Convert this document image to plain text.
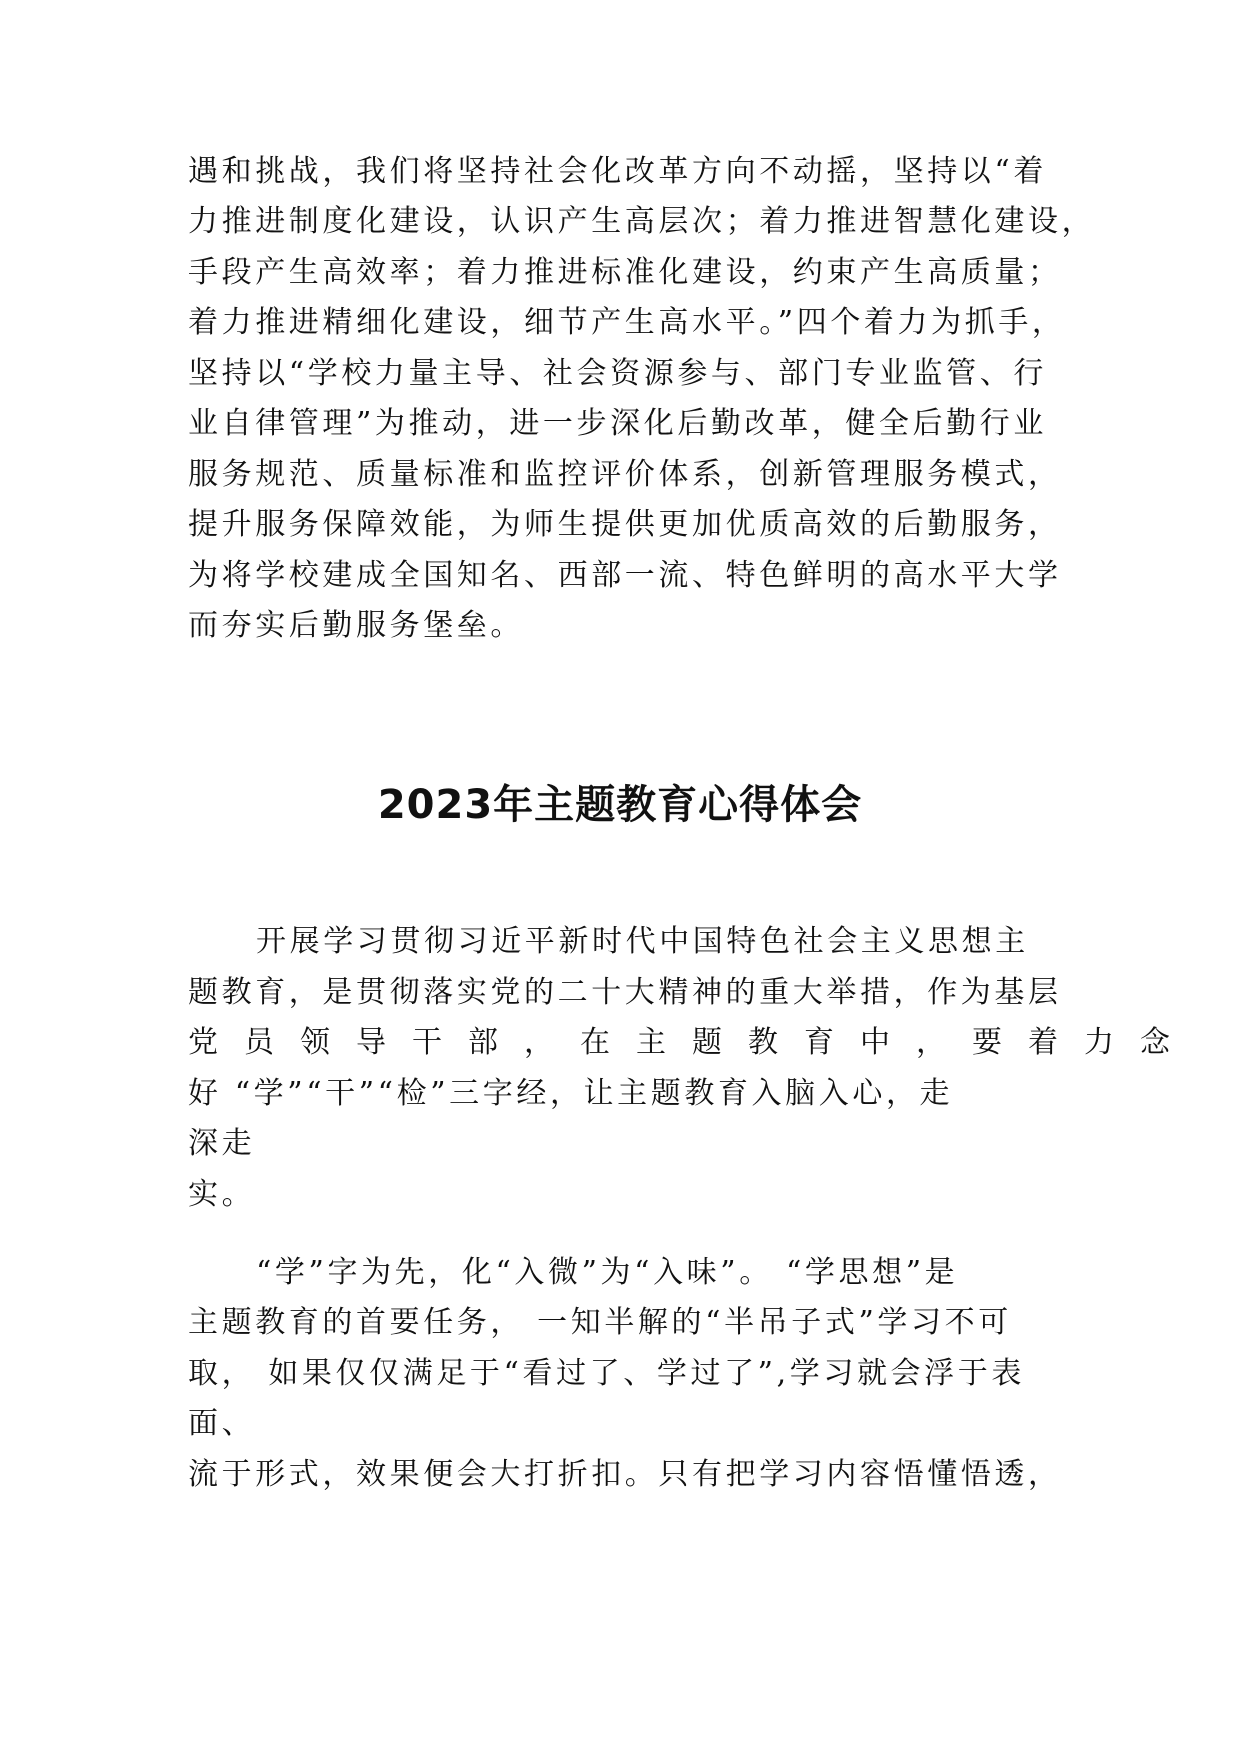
遇和挑战，我们将坚持社会化改革方向不动摇，坚持以“着

力推进制度化建设，认识产生高层次；着力推进智慧化建设，

手段产生高效率；着力推进标准化建设，约束产生高质量；

着力推进精细化建设，细节产生高水平。”四个着力为抓手，

坚持以“学校力量主导、社会资源参与、部门专业监管、行

业自律管理”为推动，进一步深化后勤改革，健全后勤行业

服务规范、质量标准和监控评价体系，创新管理服务模式，

提升服务保障效能，为师生提供更加优质高效的后勤服务，

为将学校建成全国知名、西部一流、特色鲜明的高水平大学

而夯实后勤服务堡垒。

2023年主题教育心得体会

开展学习贯彻习近平新时代中国特色社会主义思想主

题教育，是贯彻落实党的二十大精神的重大举措，作为基层

党员领导干部，在主题教育中，要着力念

好 “学”“干”“检”三字经，让主题教育入脑入心，走

深走

实。

“学”字为先，化“入微”为“入味”。 “学思想”是

主题教育的首要任务， 一知半解的“半吊子式”学习不可

取， 如果仅仅满足于“看过了、学过了”,学习就会浮于表

面、

流于形式，效果便会大打折扣。只有把学习内容悟懂悟透，
